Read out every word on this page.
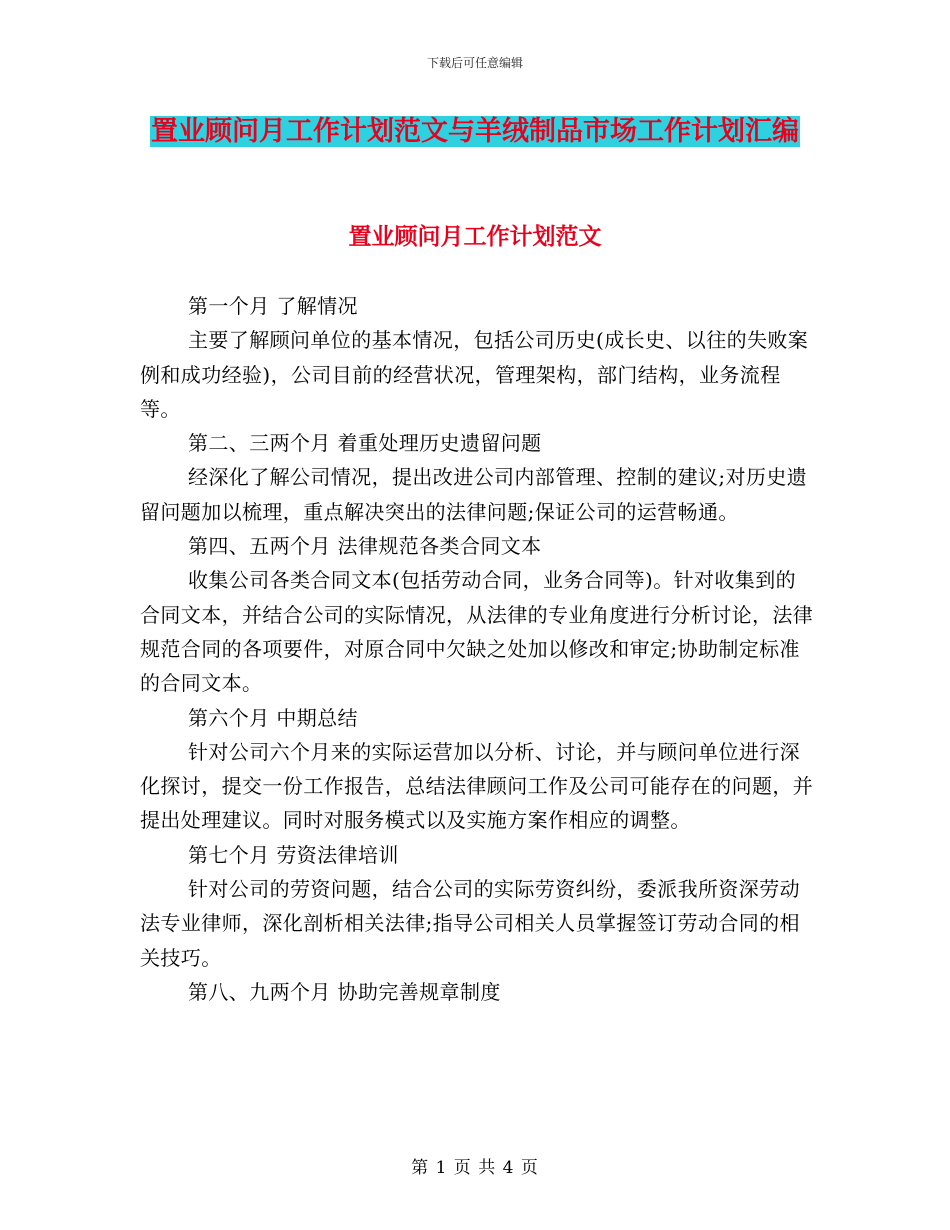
下载后可任意编辑
置业顾问月工作计划范文与羊绒制品市场工作计划汇编
置业顾问月工作计划范文

第一个月 了解情况

主要了解顾问单位的基本情况，包括公司历史(成长史、以往的失败案例和成功经验)，公司目前的经营状况，管理架构，部门结构，业务流程等。

第二、三两个月 着重处理历史遗留问题

经深化了解公司情况，提出改进公司内部管理、控制的建议;对历史遗留问题加以梳理，重点解决突出的法律问题;保证公司的运营畅通。

第四、五两个月 法律规范各类合同文本

收集公司各类合同文本(包括劳动合同，业务合同等)。针对收集到的合同文本，并结合公司的实际情况，从法律的专业角度进行分析讨论，法律规范合同的各项要件，对原合同中欠缺之处加以修改和审定;协助制定标准的合同文本。

第六个月 中期总结

针对公司六个月来的实际运营加以分析、讨论，并与顾问单位进行深化探讨，提交一份工作报告，总结法律顾问工作及公司可能存在的问题，并提出处理建议。同时对服务模式以及实施方案作相应的调整。

第七个月 劳资法律培训

针对公司的劳资问题，结合公司的实际劳资纠纷，委派我所资深劳动法专业律师，深化剖析相关法律;指导公司相关人员掌握签订劳动合同的相关技巧。

第八、九两个月 协助完善规章制度

第 1 页 共 4 页
